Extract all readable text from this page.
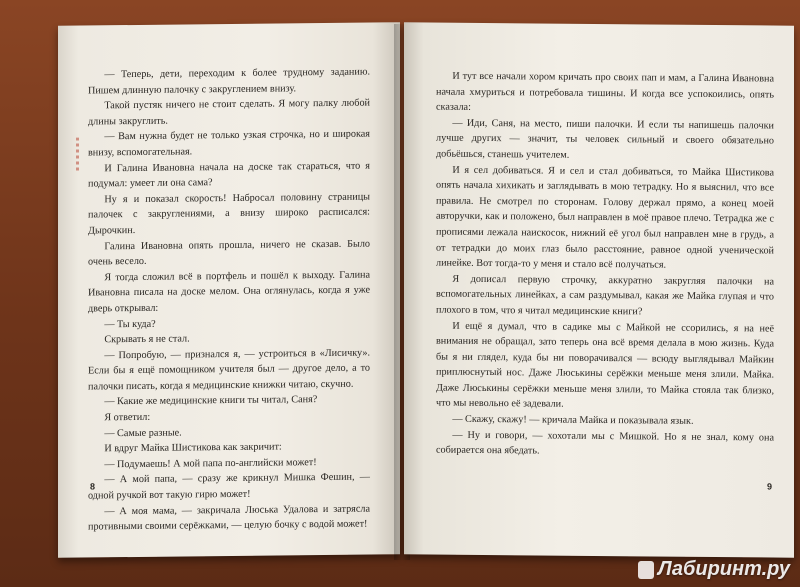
— Теперь, дети, переходим к более трудному заданию. Пишем длинную палочку с закруглением внизу.

Такой пустяк ничего не стоит сделать. Я могу палку любой длины закруглить.

— Вам нужна будет не только узкая строчка, но и широкая внизу, вспомогательная.

И Галина Ивановна начала на доске так стараться, что я подумал: умеет ли она сама?

Ну я и показал скорость! Набросал половину страницы палочек с закруглениями, а внизу широко расписался: Дырочкин.

Галина Ивановна опять прошла, ничего не сказав. Было очень весело.

Я тогда сложил всё в портфель и пошёл к выходу. Галина Ивановна писала на доске мелом. Она оглянулась, когда я уже дверь открывал:

— Ты куда?

Скрывать я не стал.

— Попробую, — признался я, — устроиться в «Лисичку». Если бы я ещё помощником учителя был — другое дело, а то палочки писать, когда я медицинские книжки читаю, скучно.

— Какие же медицинские книги ты читал, Саня?

Я ответил:

— Самые разные.

И вдруг Майка Шистикова как закричит:

— Подумаешь! А мой папа по-английски может!

— А мой папа, — сразу же крикнул Мишка Фешин, — одной ручкой вот такую гирю может!

— А моя мама, — закричала Люська Удалова и затрясла противными своими серёжками, — целую бочку с водой может!

8

И тут все начали хором кричать про своих пап и мам, а Галина Ивановна начала хмуриться и потребовала тишины. И когда все успокоились, опять сказала:

— Иди, Саня, на место, пиши палочки. И если ты напишешь палочки лучше других — значит, ты человек сильный и своего обязательно добьёшься, станешь учителем.

И я сел добиваться. Я и сел и стал добиваться, то Майка Шистикова опять начала хихикать и заглядывать в мою тетрадку. Но я выяснил, что все правила. Не смотрел по сторонам. Голову держал прямо, а конец моей авторучки, как и положено, был направлен в моё правое плечо. Тетрадка же с прописями лежала наискосок, нижний её угол был направлен мне в грудь, а от тетрадки до моих глаз было расстояние, равное одной ученической линейке. Вот тогда-то у меня и стало всё получаться.

Я дописал первую строчку, аккуратно закругляя палочки на вспомогательных линейках, а сам раздумывал, какая же Майка глупая и что плохого в том, что я читал медицинские книги?

И ещё я думал, что в садике мы с Майкой не ссорились, я на неё внимания не обращал, зато теперь она всё время делала в мою жизнь. Куда бы я ни глядел, куда бы ни поворачивался — всюду выглядывал Майкин приплюснутый нос. Даже Люськины серёжки меньше меня злили. Майка. Даже Люськины серёжки меньше меня злили, то Майка стояла так близко, что мы невольно её задевали.

— Скажу, скажу! — кричала Майка и показывала язык.

— Ну и говори, — хохотали мы с Мишкой. Но я не знал, кому она собирается она ябедать.

9
Лабиринт.ру
